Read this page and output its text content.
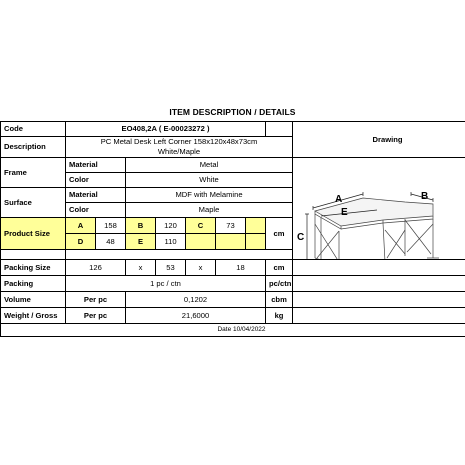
ITEM DESCRIPTION / DETAILS
Code	EO408,2A ( E-00023272 )								Drawing
Description	PC Metal Desk Left Corner 158x120x48x73cm
White/Maple								

Frame	Material		Metal						A B
C
D
E

	Color		White						
Surface	Material		MDF with Melamine						
	Color		Maple						
Product Size	A	158	B	120	C	73		cm	
	D	48	E	110					

Packing Size	126		x	53	x	18		cm	
Packing	1 pc / ctn							pc/ctn	
Volume	Per pc		0,1202					cbm	
Weight / Gross	Per pc		21,6000					kg	
Date 10/04/2022									
